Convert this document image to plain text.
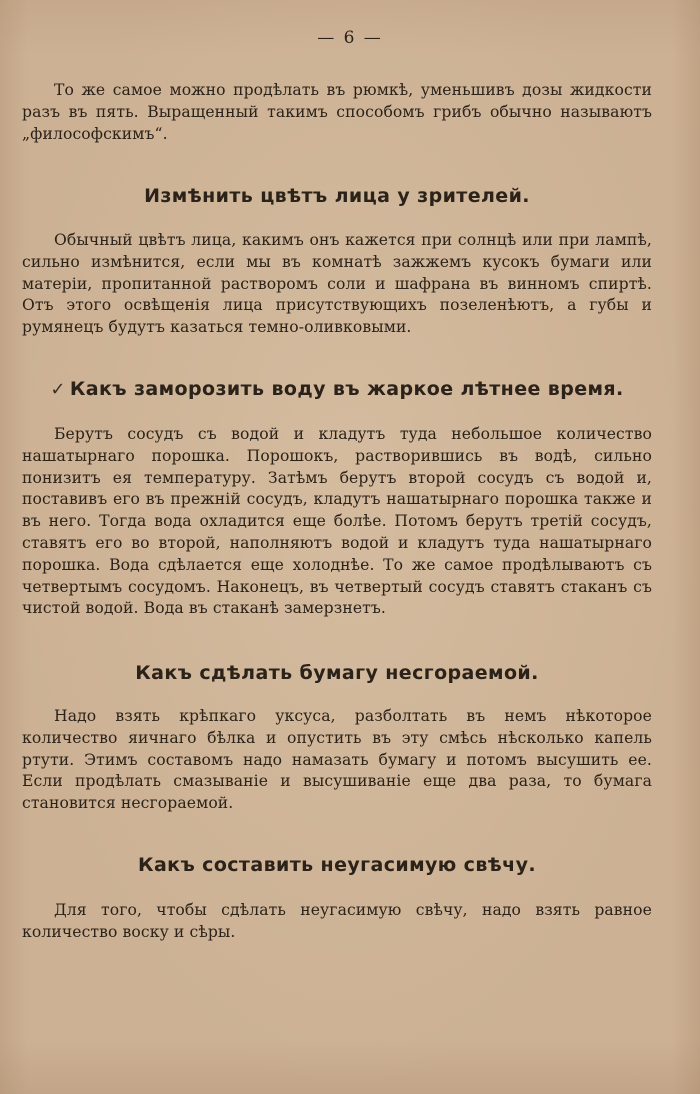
— 6 —

То же самое можно продѣлать въ рюмкѣ, уменьшивъ дозы жидкости разъ въ пять. Выращенный такимъ способомъ грибъ обычно называютъ „философскимъ“.

Измѣнить цвѣтъ лица у зрителей.

Обычный цвѣтъ лица, какимъ онъ кажется при солнцѣ или при лампѣ, сильно измѣнится, если мы въ комнатѣ зажжемъ кусокъ бумаги или матеріи, пропитанной растворомъ соли и шафрана въ винномъ спиртѣ. Отъ этого освѣщенія лица присутствующихъ позеленѣютъ, а губы и румянецъ будутъ казаться темно-оливковыми.

✓ Какъ заморозить воду въ жаркое лѣтнее время.

Берутъ сосудъ съ водой и кладутъ туда небольшое количество нашатырнаго порошка. Порошокъ, растворившись въ водѣ, сильно понизитъ ея температуру. Затѣмъ берутъ второй сосудъ съ водой и, поставивъ его въ прежній сосудъ, кладутъ нашатырнаго порошка также и въ него. Тогда вода охладится еще болѣе. Потомъ берутъ третій сосудъ, ставятъ его во второй, наполняютъ водой и кладутъ туда нашатырнаго порошка. Вода сдѣлается еще холоднѣе. То же самое продѣлываютъ съ четвертымъ сосудомъ. Наконецъ, въ четвертый сосудъ ставятъ стаканъ съ чистой водой. Вода въ стаканѣ замерзнетъ.

Какъ сдѣлать бумагу несгораемой.

Надо взять крѣпкаго уксуса, разболтать въ немъ нѣкоторое количество яичнаго бѣлка и опустить въ эту смѣсь нѣсколько капель ртути. Этимъ составомъ надо намазать бумагу и потомъ высушить ее. Если продѣлать смазываніе и высушиваніе еще два раза, то бумага становится несгораемой.

Какъ составить неугасимую свѣчу.

Для того, чтобы сдѣлать неугасимую свѣчу, надо взять равное количество воску и сѣры.
